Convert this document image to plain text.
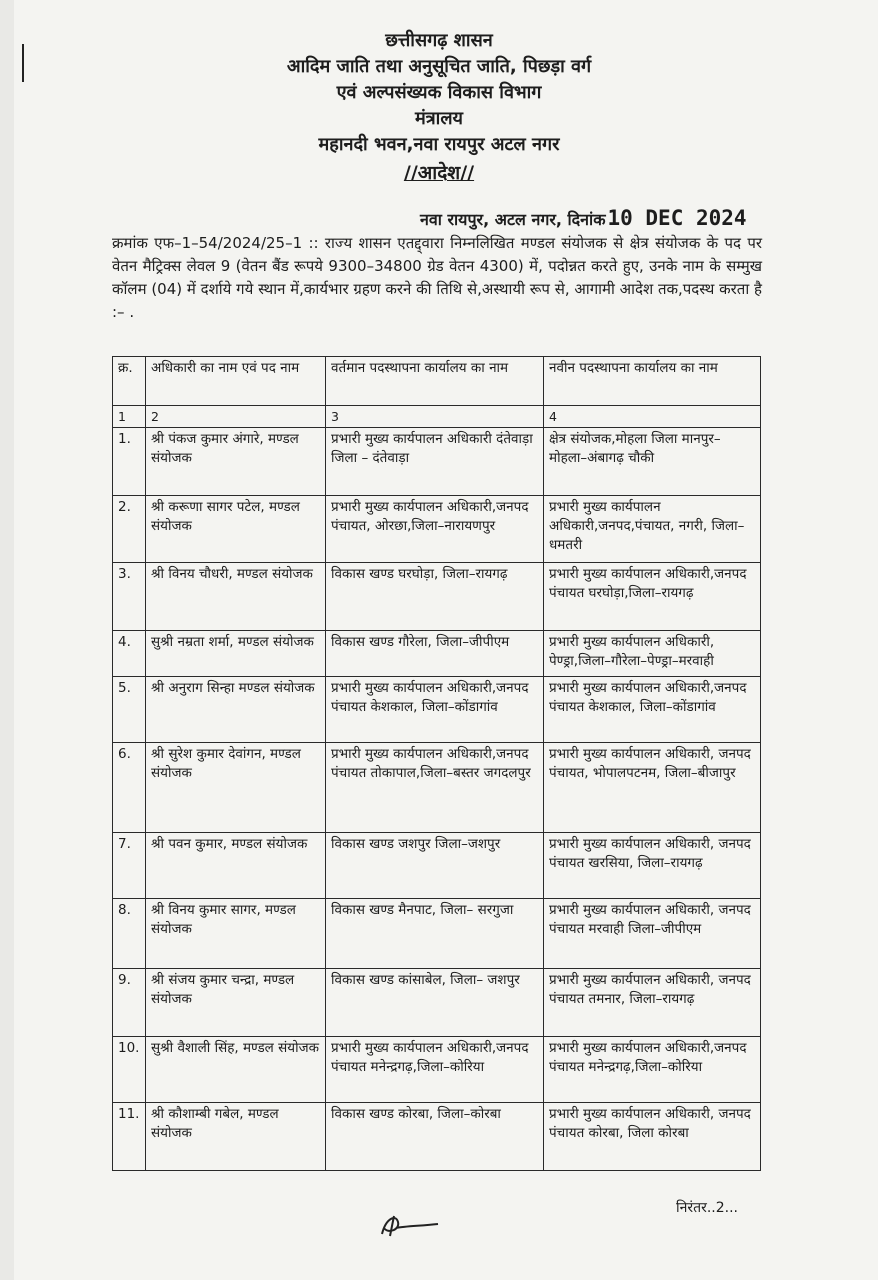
छत्तीसगढ़ शासन
आदिम जाति तथा अनुसूचित जाति, पिछड़ा वर्ग
एवं अल्पसंख्यक विकास विभाग
मंत्रालय
महानदी भवन,नवा रायपुर अटल नगर
//आदेश//
नवा रायपुर, अटल नगर, दिनांक10 DEC 2024
क्रमांक एफ–1–54/2024/25–1 :: राज्य शासन एतद्द्वारा निम्नलिखित मण्डल संयोजक से क्षेत्र संयोजक के पद पर वेतन मैट्रिक्स लेवल 9 (वेतन बैंड रूपये 9300–34800 ग्रेड वेतन 4300) में, पदोन्नत करते हुए, उनके नाम के सम्मुख कॉलम (04) में दर्शाये गये स्थान में,कार्यभार ग्रहण करने की तिथि से,अस्थायी रूप से, आगामी आदेश तक,पदस्थ करता है :– .
क्र.	अधिकारी का नाम एवं पद नाम	वर्तमान पदस्थापना कार्यालय का नाम	नवीन पदस्थापना कार्यालय का नाम
1	2	3	4
1.	श्री पंकज कुमार अंगारे, मण्डल संयोजक	प्रभारी मुख्य कार्यपालन अधिकारी दंतेवाड़ा जिला – दंतेवाड़ा	क्षेत्र संयोजक,मोहला जिला मानपुर–मोहला–अंबागढ़ चौकी
2.	श्री करूणा सागर पटेल, मण्डल संयोजक	प्रभारी मुख्य कार्यपालन अधिकारी,जनपद पंचायत, ओरछा,जिला–नारायणपुर	प्रभारी मुख्य कार्यपालन अधिकारी,जनपद,पंचायत, नगरी, जिला–धमतरी
3.	श्री विनय चौधरी, मण्डल संयोजक	विकास खण्ड घरघोड़ा, जिला–रायगढ़	प्रभारी मुख्य कार्यपालन अधिकारी,जनपद पंचायत घरघोड़ा,जिला–रायगढ़
4.	सुश्री नम्रता शर्मा, मण्डल संयोजक	विकास खण्ड गौरेला, जिला–जीपीएम	प्रभारी मुख्य कार्यपालन अधिकारी, पेण्ड्रा,जिला–गौरेला–पेण्ड्रा–मरवाही
5.	श्री अनुराग सिन्हा मण्डल संयोजक	प्रभारी मुख्य कार्यपालन अधिकारी,जनपद पंचायत केशकाल, जिला–कोंडागांव	प्रभारी मुख्य कार्यपालन अधिकारी,जनपद पंचायत केशकाल, जिला–कोंडागांव
6.	श्री सुरेश कुमार देवांगन, मण्डल संयोजक	प्रभारी मुख्य कार्यपालन अधिकारी,जनपद पंचायत तोकापाल,जिला–बस्तर जगदलपुर	प्रभारी मुख्य कार्यपालन अधिकारी, जनपद पंचायत, भोपालपटनम, जिला–बीजापुर
7.	श्री पवन कुमार, मण्डल संयोजक	विकास खण्ड जशपुर जिला–जशपुर	प्रभारी मुख्य कार्यपालन अधिकारी, जनपद पंचायत खरसिया, जिला–रायगढ़
8.	श्री विनय कुमार सागर, मण्डल संयोजक	विकास खण्ड मैनपाट, जिला– सरगुजा	प्रभारी मुख्य कार्यपालन अधिकारी, जनपद पंचायत मरवाही जिला–जीपीएम
9.	श्री संजय कुमार चन्द्रा, मण्डल संयोजक	विकास खण्ड कांसाबेल, जिला– जशपुर	प्रभारी मुख्य कार्यपालन अधिकारी, जनपद पंचायत तमनार, जिला–रायगढ़
10.	सुश्री वैशाली सिंह, मण्डल संयोजक	प्रभारी मुख्य कार्यपालन अधिकारी,जनपद पंचायत मनेन्द्रगढ़,जिला–कोरिया	प्रभारी मुख्य कार्यपालन अधिकारी,जनपद पंचायत मनेन्द्रगढ़,जिला–कोरिया
11.	श्री कौशाम्बी गबेल, मण्डल संयोजक	विकास खण्ड कोरबा, जिला–कोरबा	प्रभारी मुख्य कार्यपालन अधिकारी, जनपद पंचायत कोरबा, जिला कोरबा
निरंतर..2...
